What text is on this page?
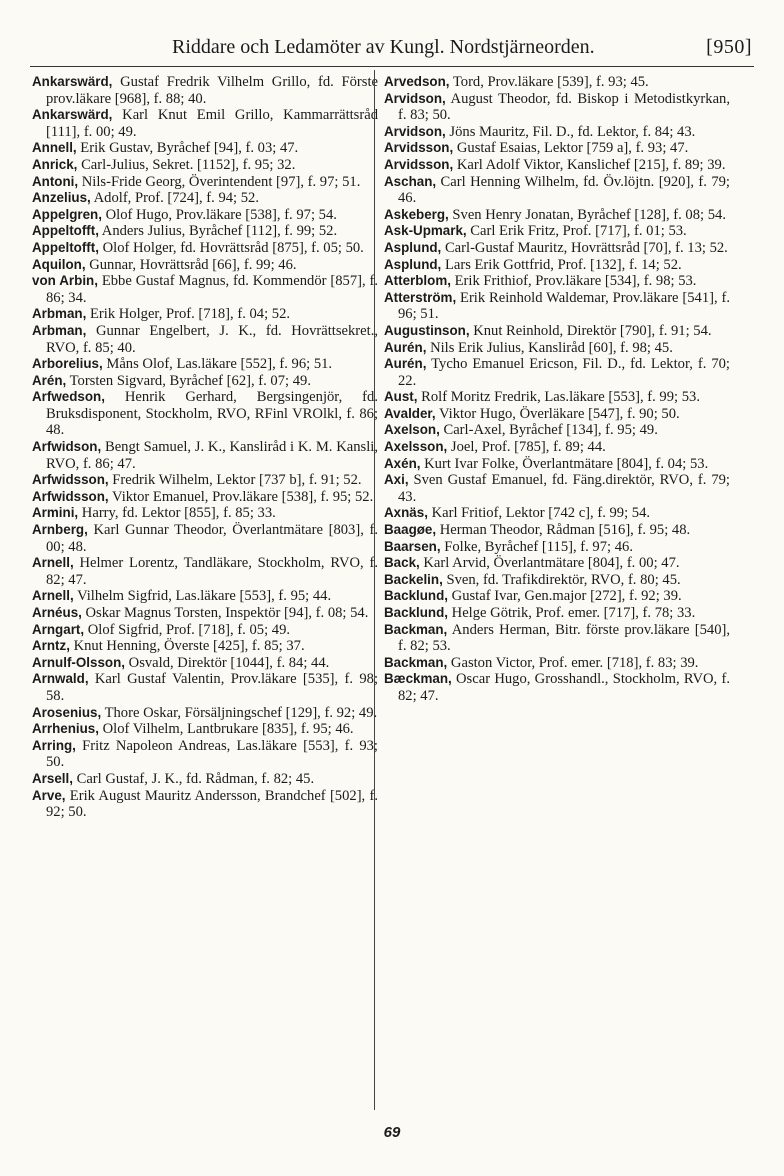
Riddare och Ledamöter av Kungl. Nordstjärneorden.	[950]

Ankarswärd, Gustaf Fredrik Vilhelm Grillo, fd. Förste prov.läkare [968], f. 88; 40.

Ankarswärd, Karl Knut Emil Grillo, Kammarrättsråd [111], f. 00; 49.

Annell, Erik Gustav, Byråchef [94], f. 03; 47.

Anrick, Carl-Julius, Sekret. [1152], f. 95; 32.

Antoni, Nils-Fride Georg, Överintendent [97], f. 97; 51.

Anzelius, Adolf, Prof. [724], f. 94; 52.

Appelgren, Olof Hugo, Prov.läkare [538], f. 97; 54.

Appeltofft, Anders Julius, Byråchef [112], f. 99; 52.

Appeltofft, Olof Holger, fd. Hovrättsråd [875], f. 05; 50.

Aquilon, Gunnar, Hovrättsråd [66], f. 99; 46.

von Arbin, Ebbe Gustaf Magnus, fd. Kommendör [857], f. 86; 34.

Arbman, Erik Holger, Prof. [718], f. 04; 52.

Arbman, Gunnar Engelbert, J. K., fd. Hovrättsekret., RVO, f. 85; 40.

Arborelius, Måns Olof, Las.läkare [552], f. 96; 51.

Arén, Torsten Sigvard, Byråchef [62], f. 07; 49.

Arfwedson, Henrik Gerhard, Bergsingenjör, fd. Bruksdisponent, Stockholm, RVO, RFinl VROlkl, f. 86; 48.

Arfwidson, Bengt Samuel, J. K., Kansliråd i K. M. Kansli, RVO, f. 86; 47.

Arfwidsson, Fredrik Wilhelm, Lektor [737 b], f. 91; 52.

Arfwidsson, Viktor Emanuel, Prov.läkare [538], f. 95; 52.

Armini, Harry, fd. Lektor [855], f. 85; 33.

Arnberg, Karl Gunnar Theodor, Överlantmätare [803], f. 00; 48.

Arnell, Helmer Lorentz, Tandläkare, Stockholm, RVO, f. 82; 47.

Arnell, Vilhelm Sigfrid, Las.läkare [553], f. 95; 44.

Arnéus, Oskar Magnus Torsten, Inspektör [94], f. 08; 54.

Arngart, Olof Sigfrid, Prof. [718], f. 05; 49.

Arntz, Knut Henning, Överste [425], f. 85; 37.

Arnulf-Olsson, Osvald, Direktör [1044], f. 84; 44.

Arnwald, Karl Gustaf Valentin, Prov.läkare [535], f. 98; 58.

Arosenius, Thore Oskar, Försäljningschef [129], f. 92; 49.

Arrhenius, Olof Vilhelm, Lantbrukare [835], f. 95; 46.

Arring, Fritz Napoleon Andreas, Las.läkare [553], f. 93; 50.

Arsell, Carl Gustaf, J. K., fd. Rådman, f. 82; 45.

Arve, Erik August Mauritz Andersson, Brandchef [502], f. 92; 50.

Arvedson, Tord, Prov.läkare [539], f. 93; 45.

Arvidson, August Theodor, fd. Biskop i Metodistkyrkan, f. 83; 50.

Arvidson, Jöns Mauritz, Fil. D., fd. Lektor, f. 84; 43.

Arvidsson, Gustaf Esaias, Lektor [759 a], f. 93; 47.

Arvidsson, Karl Adolf Viktor, Kanslichef [215], f. 89; 39.

Aschan, Carl Henning Wilhelm, fd. Öv.löjtn. [920], f. 79; 46.

Askeberg, Sven Henry Jonatan, Byråchef [128], f. 08; 54.

Ask-Upmark, Carl Erik Fritz, Prof. [717], f. 01; 53.

Asplund, Carl-Gustaf Mauritz, Hovrättsråd [70], f. 13; 52.

Asplund, Lars Erik Gottfrid, Prof. [132], f. 14; 52.

Atterblom, Erik Frithiof, Prov.läkare [534], f. 98; 53.

Atterström, Erik Reinhold Waldemar, Prov.läkare [541], f. 96; 51.

Augustinson, Knut Reinhold, Direktör [790], f. 91; 54.

Aurén, Nils Erik Julius, Kansliråd [60], f. 98; 45.

Aurén, Tycho Emanuel Ericson, Fil. D., fd. Lektor, f. 70; 22.

Aust, Rolf Moritz Fredrik, Las.läkare [553], f. 99; 53.

Avalder, Viktor Hugo, Överläkare [547], f. 90; 50.

Axelson, Carl-Axel, Byråchef [134], f. 95; 49.

Axelsson, Joel, Prof. [785], f. 89; 44.

Axén, Kurt Ivar Folke, Överlantmätare [804], f. 04; 53.

Axi, Sven Gustaf Emanuel, fd. Fäng.direktör, RVO, f. 79; 43.

Axnäs, Karl Fritiof, Lektor [742 c], f. 99; 54.

Baagøe, Herman Theodor, Rådman [516], f. 95; 48.

Baarsen, Folke, Byråchef [115], f. 97; 46.

Back, Karl Arvid, Överlantmätare [804], f. 00; 47.

Backelin, Sven, fd. Trafikdirektör, RVO, f. 80; 45.

Backlund, Gustaf Ivar, Gen.major [272], f. 92; 39.

Backlund, Helge Götrik, Prof. emer. [717], f. 78; 33.

Backman, Anders Herman, Bitr. förste prov.läkare [540], f. 82; 53.

Backman, Gaston Victor, Prof. emer. [718], f. 83; 39.

Bæckman, Oscar Hugo, Grosshandl., Stockholm, RVO, f. 82; 47.

69
